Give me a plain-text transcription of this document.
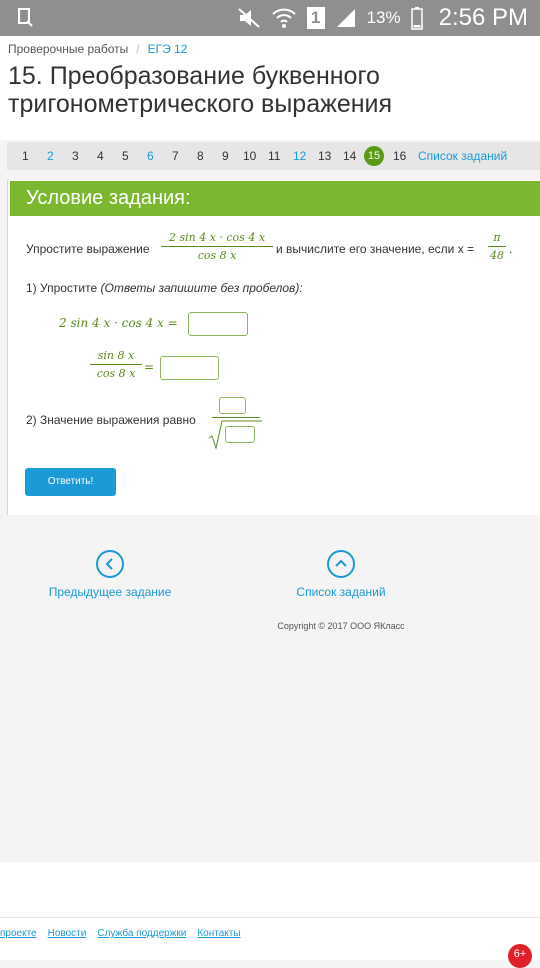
1	13% 2:56 PM
Проверочные работы / ЕГЭ 12
15. Преобразование буквенного тригонометрического выражения
1 2 3 4 5 6 7 8 9 10 11 12 13 14	15	16 Список заданий
Условие задания:
Упростите выражение
2 sin 4 x · cos 4 x
cos 8 x	и вычислите его значение, если x =
π
48 .
1) Упростите (Ответы запишите без пробелов):
2 sin 4 x · cos 4 x =
sin 8 x
cos 8 x =
2) Значение выражения равно
Ответить!
Предыдущее задание	Список заданий
Copyright © 2017 ООО ЯКласс
проекте Новости Служба поддержки Контакты
6+
